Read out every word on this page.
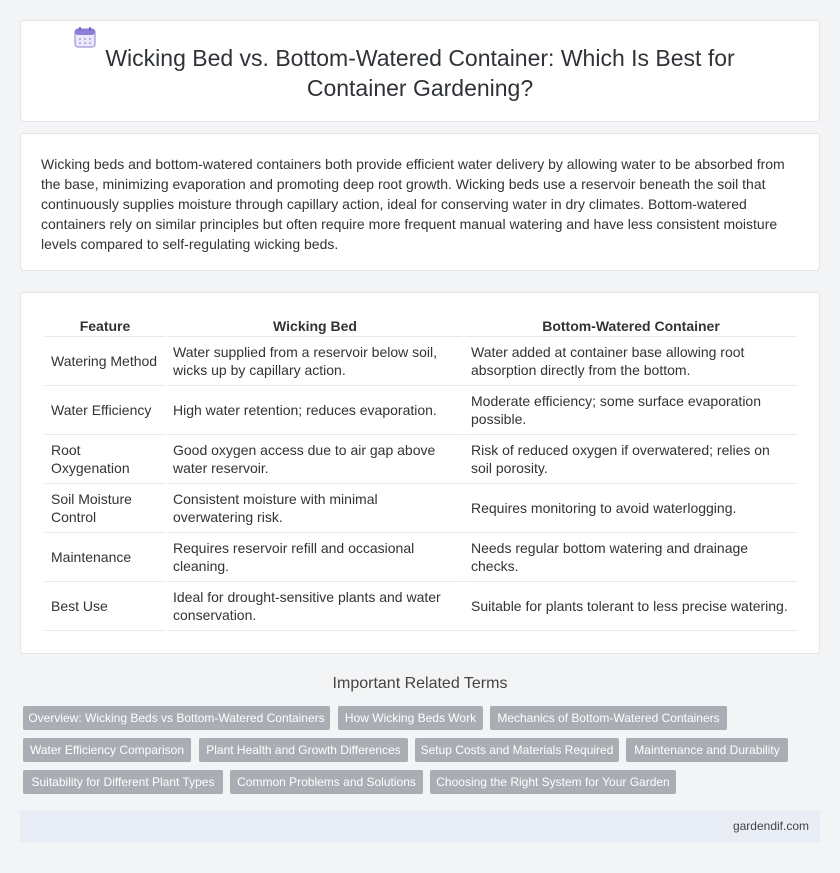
Wicking Bed vs. Bottom-Watered Container: Which Is Best for Container Gardening?

Wicking beds and bottom-watered containers both provide efficient water delivery by allowing water to be absorbed from the base, minimizing evaporation and promoting deep root growth. Wicking beds use a reservoir beneath the soil that continuously supplies moisture through capillary action, ideal for conserving water in dry climates. Bottom-watered containers rely on similar principles but often require more frequent manual watering and have less consistent moisture levels compared to self-regulating wicking beds.

Feature	Wicking Bed	Bottom-Watered Container
Watering Method	Water supplied from a reservoir below soil, wicks up by capillary action.	Water added at container base allowing root absorption directly from the bottom.
Water Efficiency	High water retention; reduces evaporation.	Moderate efficiency; some surface evaporation possible.
Root Oxygenation	Good oxygen access due to air gap above water reservoir.	Risk of reduced oxygen if overwatered; relies on soil porosity.
Soil Moisture Control	Consistent moisture with minimal overwatering risk.	Requires monitoring to avoid waterlogging.
Maintenance	Requires reservoir refill and occasional cleaning.	Needs regular bottom watering and drainage checks.
Best Use	Ideal for drought-sensitive plants and water conservation.	Suitable for plants tolerant to less precise watering.
Important Related Terms
Overview: Wicking Beds vs Bottom-Watered Containers	How Wicking Beds Work	Mechanics of Bottom-Watered Containers
Water Efficiency Comparison	Plant Health and Growth Differences	Setup Costs and Materials Required	Maintenance and Durability
Suitability for Different Plant Types	Common Problems and Solutions	Choosing the Right System for Your Garden
gardendif.com
